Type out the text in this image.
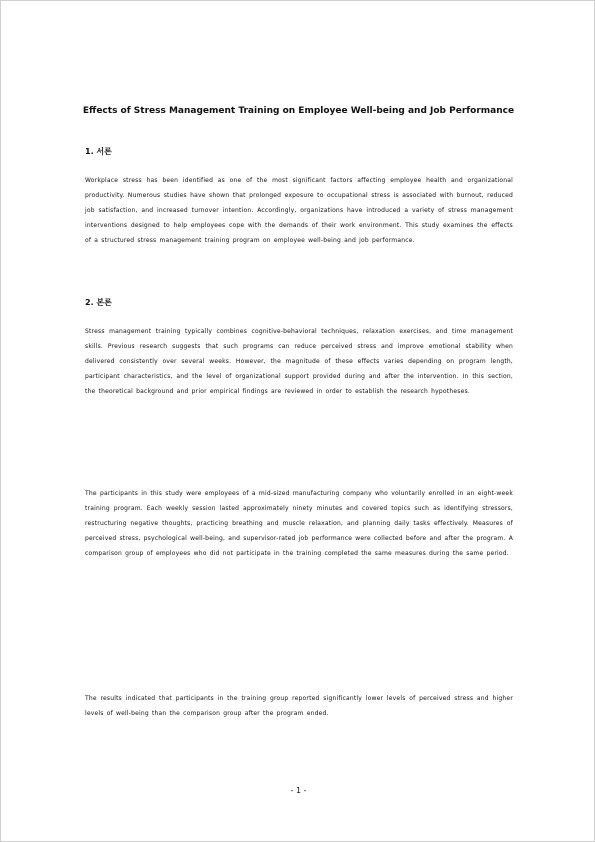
Effects of Stress Management Training on Employee Well-being and Job Performance
1. 서론

Workplace stress has been identified as one of the most significant factors affecting employee health and organizational productivity. Numerous studies have shown that prolonged exposure to occupational stress is associated with burnout, reduced job satisfaction, and increased turnover intention. Accordingly, organizations have introduced a variety of stress management interventions designed to help employees cope with the demands of their work environment. This study examines the effects of a structured stress management training program on employee well-being and job performance.

2. 본론

Stress management training typically combines cognitive-behavioral techniques, relaxation exercises, and time management skills. Previous research suggests that such programs can reduce perceived stress and improve emotional stability when delivered consistently over several weeks. However, the magnitude of these effects varies depending on program length, participant characteristics, and the level of organizational support provided during and after the intervention. In this section, the theoretical background and prior empirical findings are reviewed in order to establish the research hypotheses.

The participants in this study were employees of a mid-sized manufacturing company who voluntarily enrolled in an eight-week training program. Each weekly session lasted approximately ninety minutes and covered topics such as identifying stressors, restructuring negative thoughts, practicing breathing and muscle relaxation, and planning daily tasks effectively. Measures of perceived stress, psychological well-being, and supervisor-rated job performance were collected before and after the program. A comparison group of employees who did not participate in the training completed the same measures during the same period.

The results indicated that participants in the training group reported significantly lower levels of perceived stress and higher levels of well-being than the comparison group after the program ended.

- 1 -
